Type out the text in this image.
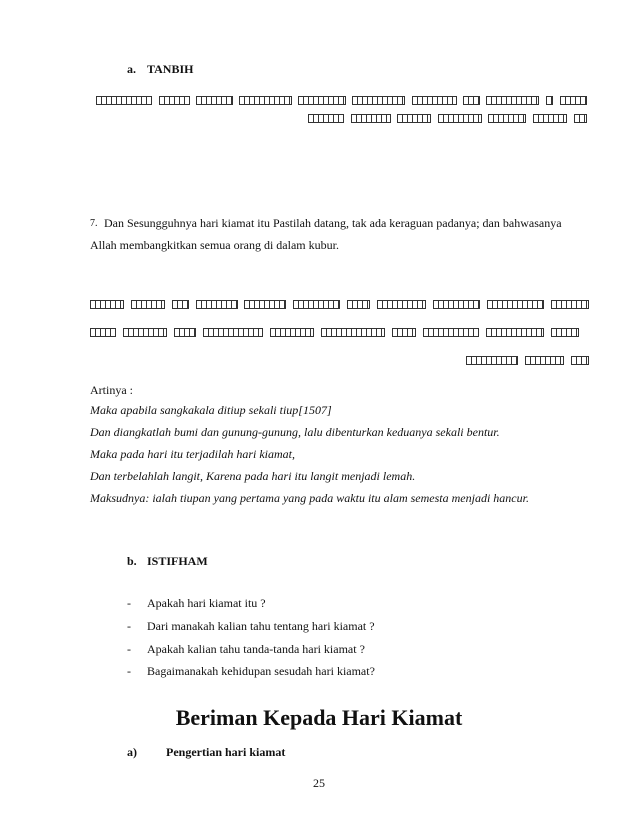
a. TANBIH
7. Dan Sesungguhnya hari kiamat itu Pastilah datang, tak ada keraguan padanya; dan bahwasanya
Allah membangkitkan semua orang di dalam kubur.
Artinya :
Maka apabila sangkakala ditiup sekali tiup[1507]
Dan diangkatlah bumi dan gunung-gunung, lalu dibenturkan keduanya sekali bentur.
Maka pada hari itu terjadilah hari kiamat,
Dan terbelahlah langit, Karena pada hari itu langit menjadi lemah.
Maksudnya: ialah tiupan yang pertama yang pada waktu itu alam semesta menjadi hancur.
b. ISTIFHAM
- Apakah hari kiamat itu ?
- Dari manakah kalian tahu tentang hari kiamat ?
- Apakah kalian tahu tanda-tanda hari kiamat ?
- Bagaimanakah kehidupan sesudah hari kiamat?
Beriman Kepada Hari Kiamat
a) Pengertian hari kiamat
25
